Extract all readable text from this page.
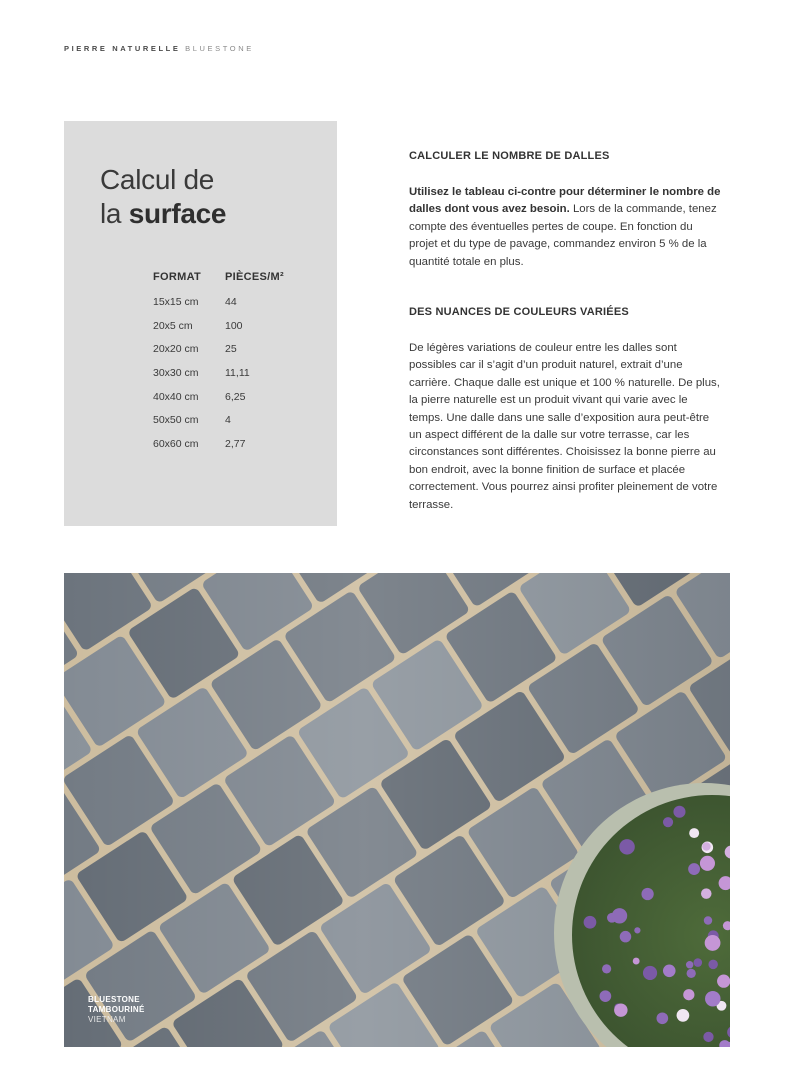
PIERRE NATURELLE BLUESTONE
Calcul de
la surface
FORMAT	PIÈCES/M²
15x15 cm	44
20x5 cm	100
20x20 cm	25
30x30 cm	11,11
40x40 cm	6,25
50x50 cm	4
60x60 cm	2,77
CALCULER LE NOMBRE DE DALLES

Utilisez le tableau ci-contre pour déterminer le nombre de dalles dont vous avez besoin. Lors de la commande, tenez compte des éventuelles pertes de coupe. En fonction du projet et du type de pavage, commandez environ 5 % de la quantité totale en plus.

DES NUANCES DE COULEURS VARIÉES

De légères variations de couleur entre les dalles sont possibles car il s’agit d’un produit naturel, extrait d’une carrière. Chaque dalle est unique et 100 % naturelle. De plus, la pierre naturelle est un produit vivant qui varie avec le temps. Une dalle dans une salle d’exposition aura peut-être un aspect différent de la dalle sur votre terrasse, car les circonstances sont différentes. Choisissez la bonne pierre au bon endroit, avec la bonne finition de surface et placée correctement. Vous pourrez ainsi profiter pleinement de votre terrasse.

BLUESTONE
TAMBOURINÉ
VIETNAM
